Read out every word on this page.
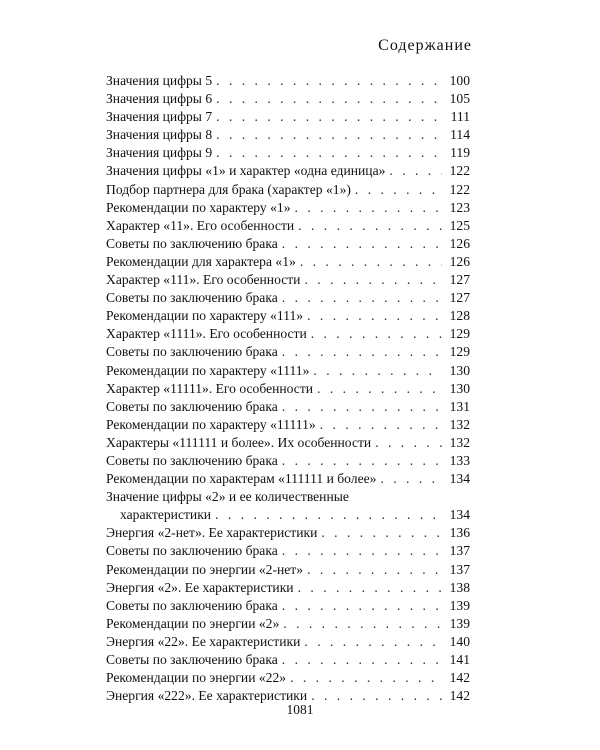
Содержание
Значения цифры 5 . . .	100
Значения цифры 6 . . .	105
Значения цифры 7 . . .	111
Значения цифры 8 . . .	114
Значения цифры 9 . . .	119
Значения цифры «1» и характер «одна единица» . . .	122
Подбор партнера для брака (характер «1») . . .	122
Рекомендации по характеру «1» . . .	123
Характер «11». Его особенности . . .	125
Советы по заключению брака . . .	126
Рекомендации для характера «1» . . .	126
Характер «111». Его особенности . . .	127
Советы по заключению брака . . .	127
Рекомендации по характеру «111» . . .	128
Характер «1111». Его особенности . . .	129
Советы по заключению брака . . .	129
Рекомендации по характеру «1111» . . .	130
Характер «11111». Его особенности . . .	130
Советы по заключению брака . . .	131
Рекомендации по характеру «11111» . . .	132
Характеры «111111 и более». Их особенности . . .	132
Советы по заключению брака . . .	133
Рекомендации по характерам «111111 и более» . . .	134
Значение цифры «2» и ее количественные
характеристики . . .	134
Энергия «2-нет». Ее характеристики . . .	136
Советы по заключению брака . . .	137
Рекомендации по энергии «2-нет» . . .	137
Энергия «2». Ее характеристики . . .	138
Советы по заключению брака . . .	139
Рекомендации по энергии «2» . . .	139
Энергия «22». Ее характеристики . . .	140
Советы по заключению брака . . .	141
Рекомендации по энергии «22» . . .	142
Энергия «222». Ее характеристики . . .	142
1081
